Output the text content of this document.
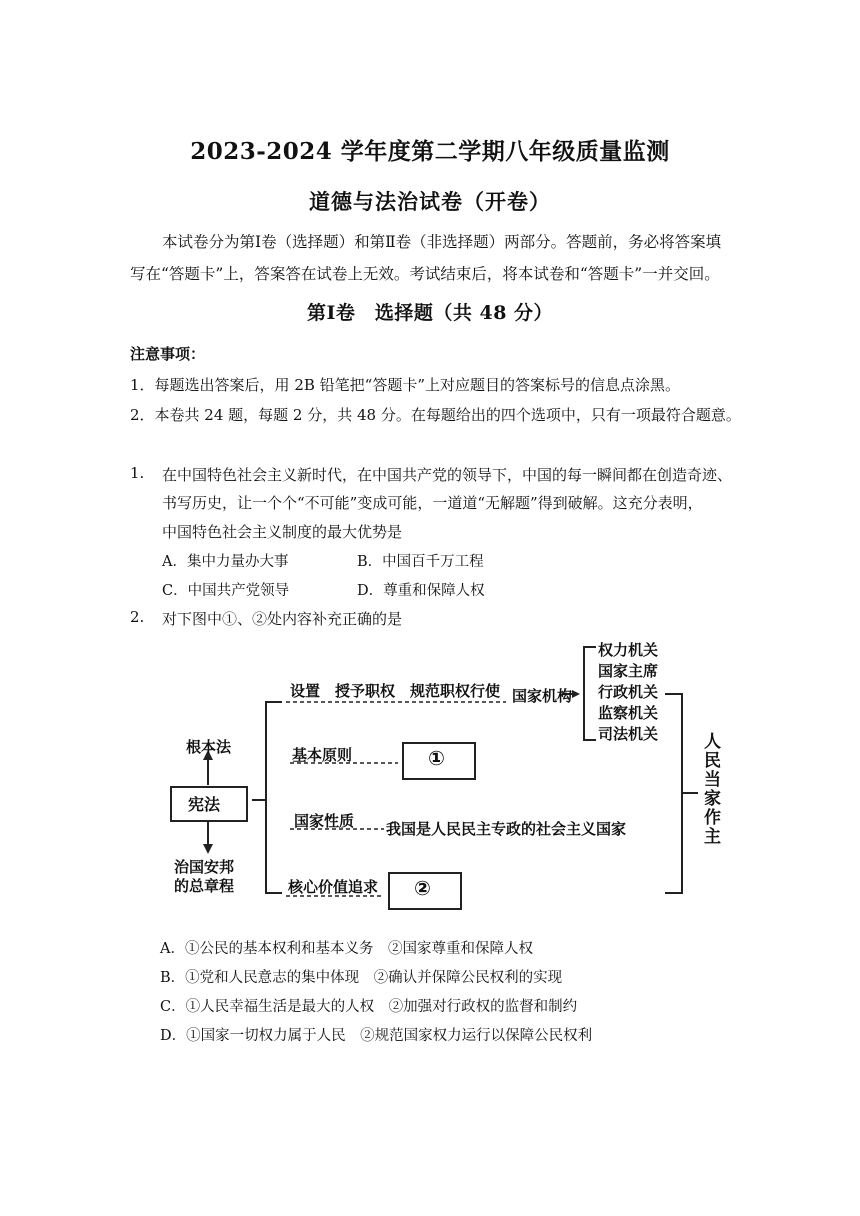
2023-2024 学年度第二学期八年级质量监测
道德与法治试卷（开卷）
本试卷分为第Ⅰ卷（选择题）和第Ⅱ卷（非选择题）两部分。答题前，务必将答案填
写在“答题卡”上，答案答在试卷上无效。考试结束后，将本试卷和“答题卡”一并交回。
第Ⅰ卷　选择题（共 48 分）
注意事项：
1．每题选出答案后，用 2B 铅笔把“答题卡”上对应题目的答案标号的信息点涂黑。
2．本卷共 24 题，每题 2 分，共 48 分。在每题给出的四个选项中，只有一项最符合题意。
1. 在中国特色社会主义新时代，在中国共产党的领导下，中国的每一瞬间都在创造奇迹、
书写历史，让一个个“不可能”变成可能，一道道“无解题”得到破解。这充分表明，
中国特色社会主义制度的最大优势是
A．集中力量办大事	B．中国百千万工程
C．中国共产党领导	D．尊重和保障人权
2. 对下图中①、②处内容补充正确的是
根本法
宪法
治国安邦
的总章程
设置　授予职权　规范职权行使 国家机构
权力机关
国家主席
行政机关
监察机关
司法机关
基本原则	①
国家性质 我国是人民民主专政的社会主义国家
核心价值追求 ②
人民当家作主
A．①公民的基本权利和基本义务　②国家尊重和保障人权
B．①党和人民意志的集中体现　②确认并保障公民权利的实现
C．①人民幸福生活是最大的人权　②加强对行政权的监督和制约
D．①国家一切权力属于人民　②规范国家权力运行以保障公民权利
